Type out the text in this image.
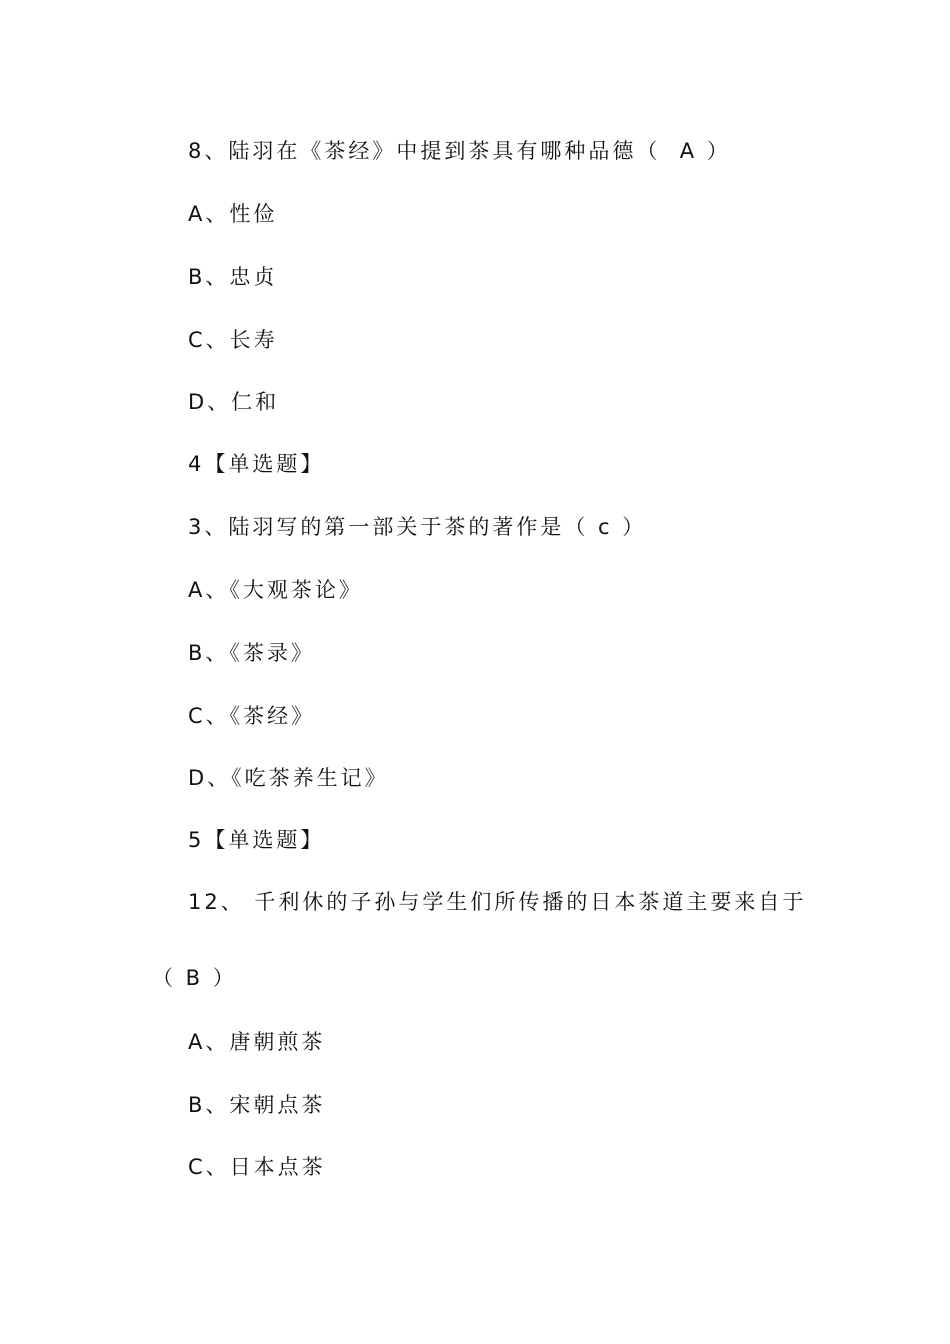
8、陆羽在《茶经》中提到茶具有哪种品德（  A ）
A、性俭
B、忠贞
C、长寿
D、仁和
4【单选题】
3、陆羽写的第一部关于茶的著作是（ c ）
A、《大观茶论》
B、《茶录》
C、《茶经》
D、《吃茶养生记》
5【单选题】
12、 千利休的子孙与学生们所传播的日本茶道主要来自于
（ B ）
A、唐朝煎茶
B、宋朝点茶
C、日本点茶
